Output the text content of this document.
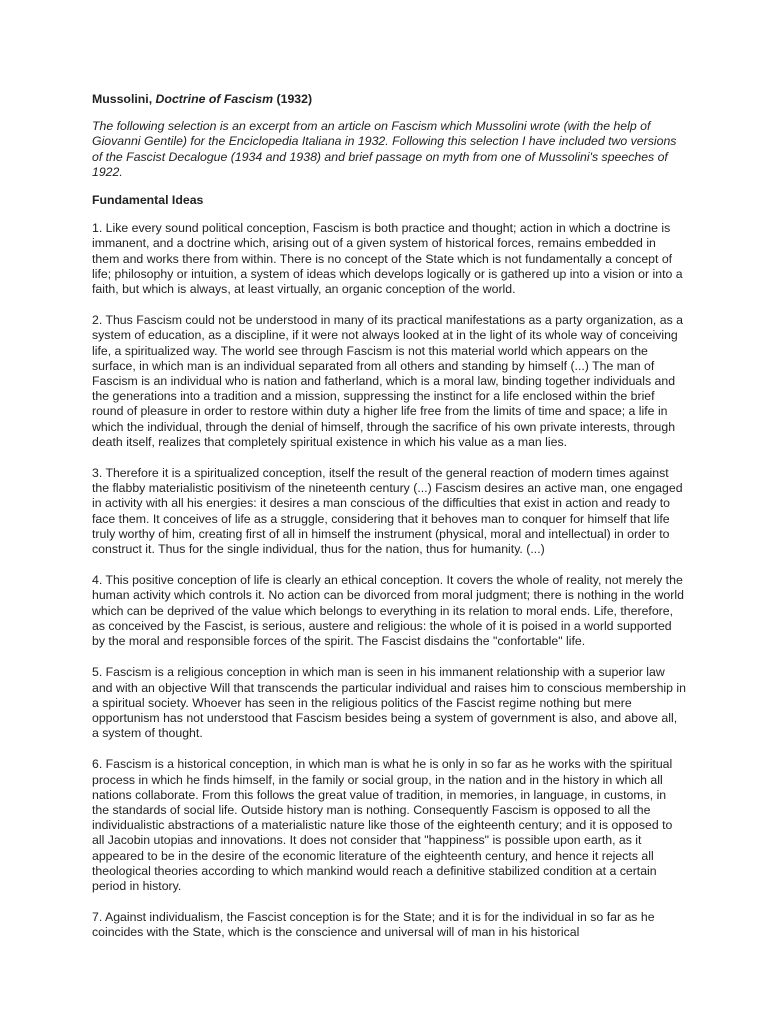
Mussolini, Doctrine of Fascism (1932)

The following selection is an excerpt from an article on Fascism which Mussolini wrote (with the help of Giovanni Gentile) for the Enciclopedia Italiana in 1932. Following this selection I have included two versions of the Fascist Decalogue (1934 and 1938) and brief passage on myth from one of Mussolini's speeches of 1922.

Fundamental Ideas

1. Like every sound political conception, Fascism is both practice and thought; action in which a doctrine is immanent, and a doctrine which, arising out of a given system of historical forces, remains embedded in them and works there from within. There is no concept of the State which is not fundamentally a concept of life; philosophy or intuition, a system of ideas which develops logically or is gathered up into a vision or into a faith, but which is always, at least virtually, an organic conception of the world.

2. Thus Fascism could not be understood in many of its practical manifestations as a party organization, as a system of education, as a discipline, if it were not always looked at in the light of its whole way of conceiving life, a spiritualized way. The world see through Fascism is not this material world which appears on the surface, in which man is an individual separated from all others and standing by himself (...) The man of Fascism is an individual who is nation and fatherland, which is a moral law, binding together individuals and the generations into a tradition and a mission, suppressing the instinct for a life enclosed within the brief round of pleasure in order to restore within duty a higher life free from the limits of time and space; a life in which the individual, through the denial of himself, through the sacrifice of his own private interests, through death itself, realizes that completely spiritual existence in which his value as a man lies.

3. Therefore it is a spiritualized conception, itself the result of the general reaction of modern times against the flabby materialistic positivism of the nineteenth century (...) Fascism desires an active man, one engaged in activity with all his energies: it desires a man conscious of the difficulties that exist in action and ready to face them. It conceives of life as a struggle, considering that it behoves man to conquer for himself that life truly worthy of him, creating first of all in himself the instrument (physical, moral and intellectual) in order to construct it. Thus for the single individual, thus for the nation, thus for humanity. (...)

4. This positive conception of life is clearly an ethical conception. It covers the whole of reality, not merely the human activity which controls it. No action can be divorced from moral judgment; there is nothing in the world which can be deprived of the value which belongs to everything in its relation to moral ends. Life, therefore, as conceived by the Fascist, is serious, austere and religious: the whole of it is poised in a world supported by the moral and responsible forces of the spirit. The Fascist disdains the "confortable" life.

5. Fascism is a religious conception in which man is seen in his immanent relationship with a superior law and with an objective Will that transcends the particular individual and raises him to conscious membership in a spiritual society. Whoever has seen in the religious politics of the Fascist regime nothing but mere opportunism has not understood that Fascism besides being a system of government is also, and above all, a system of thought.

6. Fascism is a historical conception, in which man is what he is only in so far as he works with the spiritual process in which he finds himself, in the family or social group, in the nation and in the history in which all nations collaborate. From this follows the great value of tradition, in memories, in language, in customs, in the standards of social life. Outside history man is nothing. Consequently Fascism is opposed to all the individualistic abstractions of a materialistic nature like those of the eighteenth century; and it is opposed to all Jacobin utopias and innovations. It does not consider that "happiness" is possible upon earth, as it appeared to be in the desire of the economic literature of the eighteenth century, and hence it rejects all theological theories according to which mankind would reach a definitive stabilized condition at a certain period in history.

7. Against individualism, the Fascist conception is for the State; and it is for the individual in so far as he coincides with the State, which is the conscience and universal will of man in his historical
